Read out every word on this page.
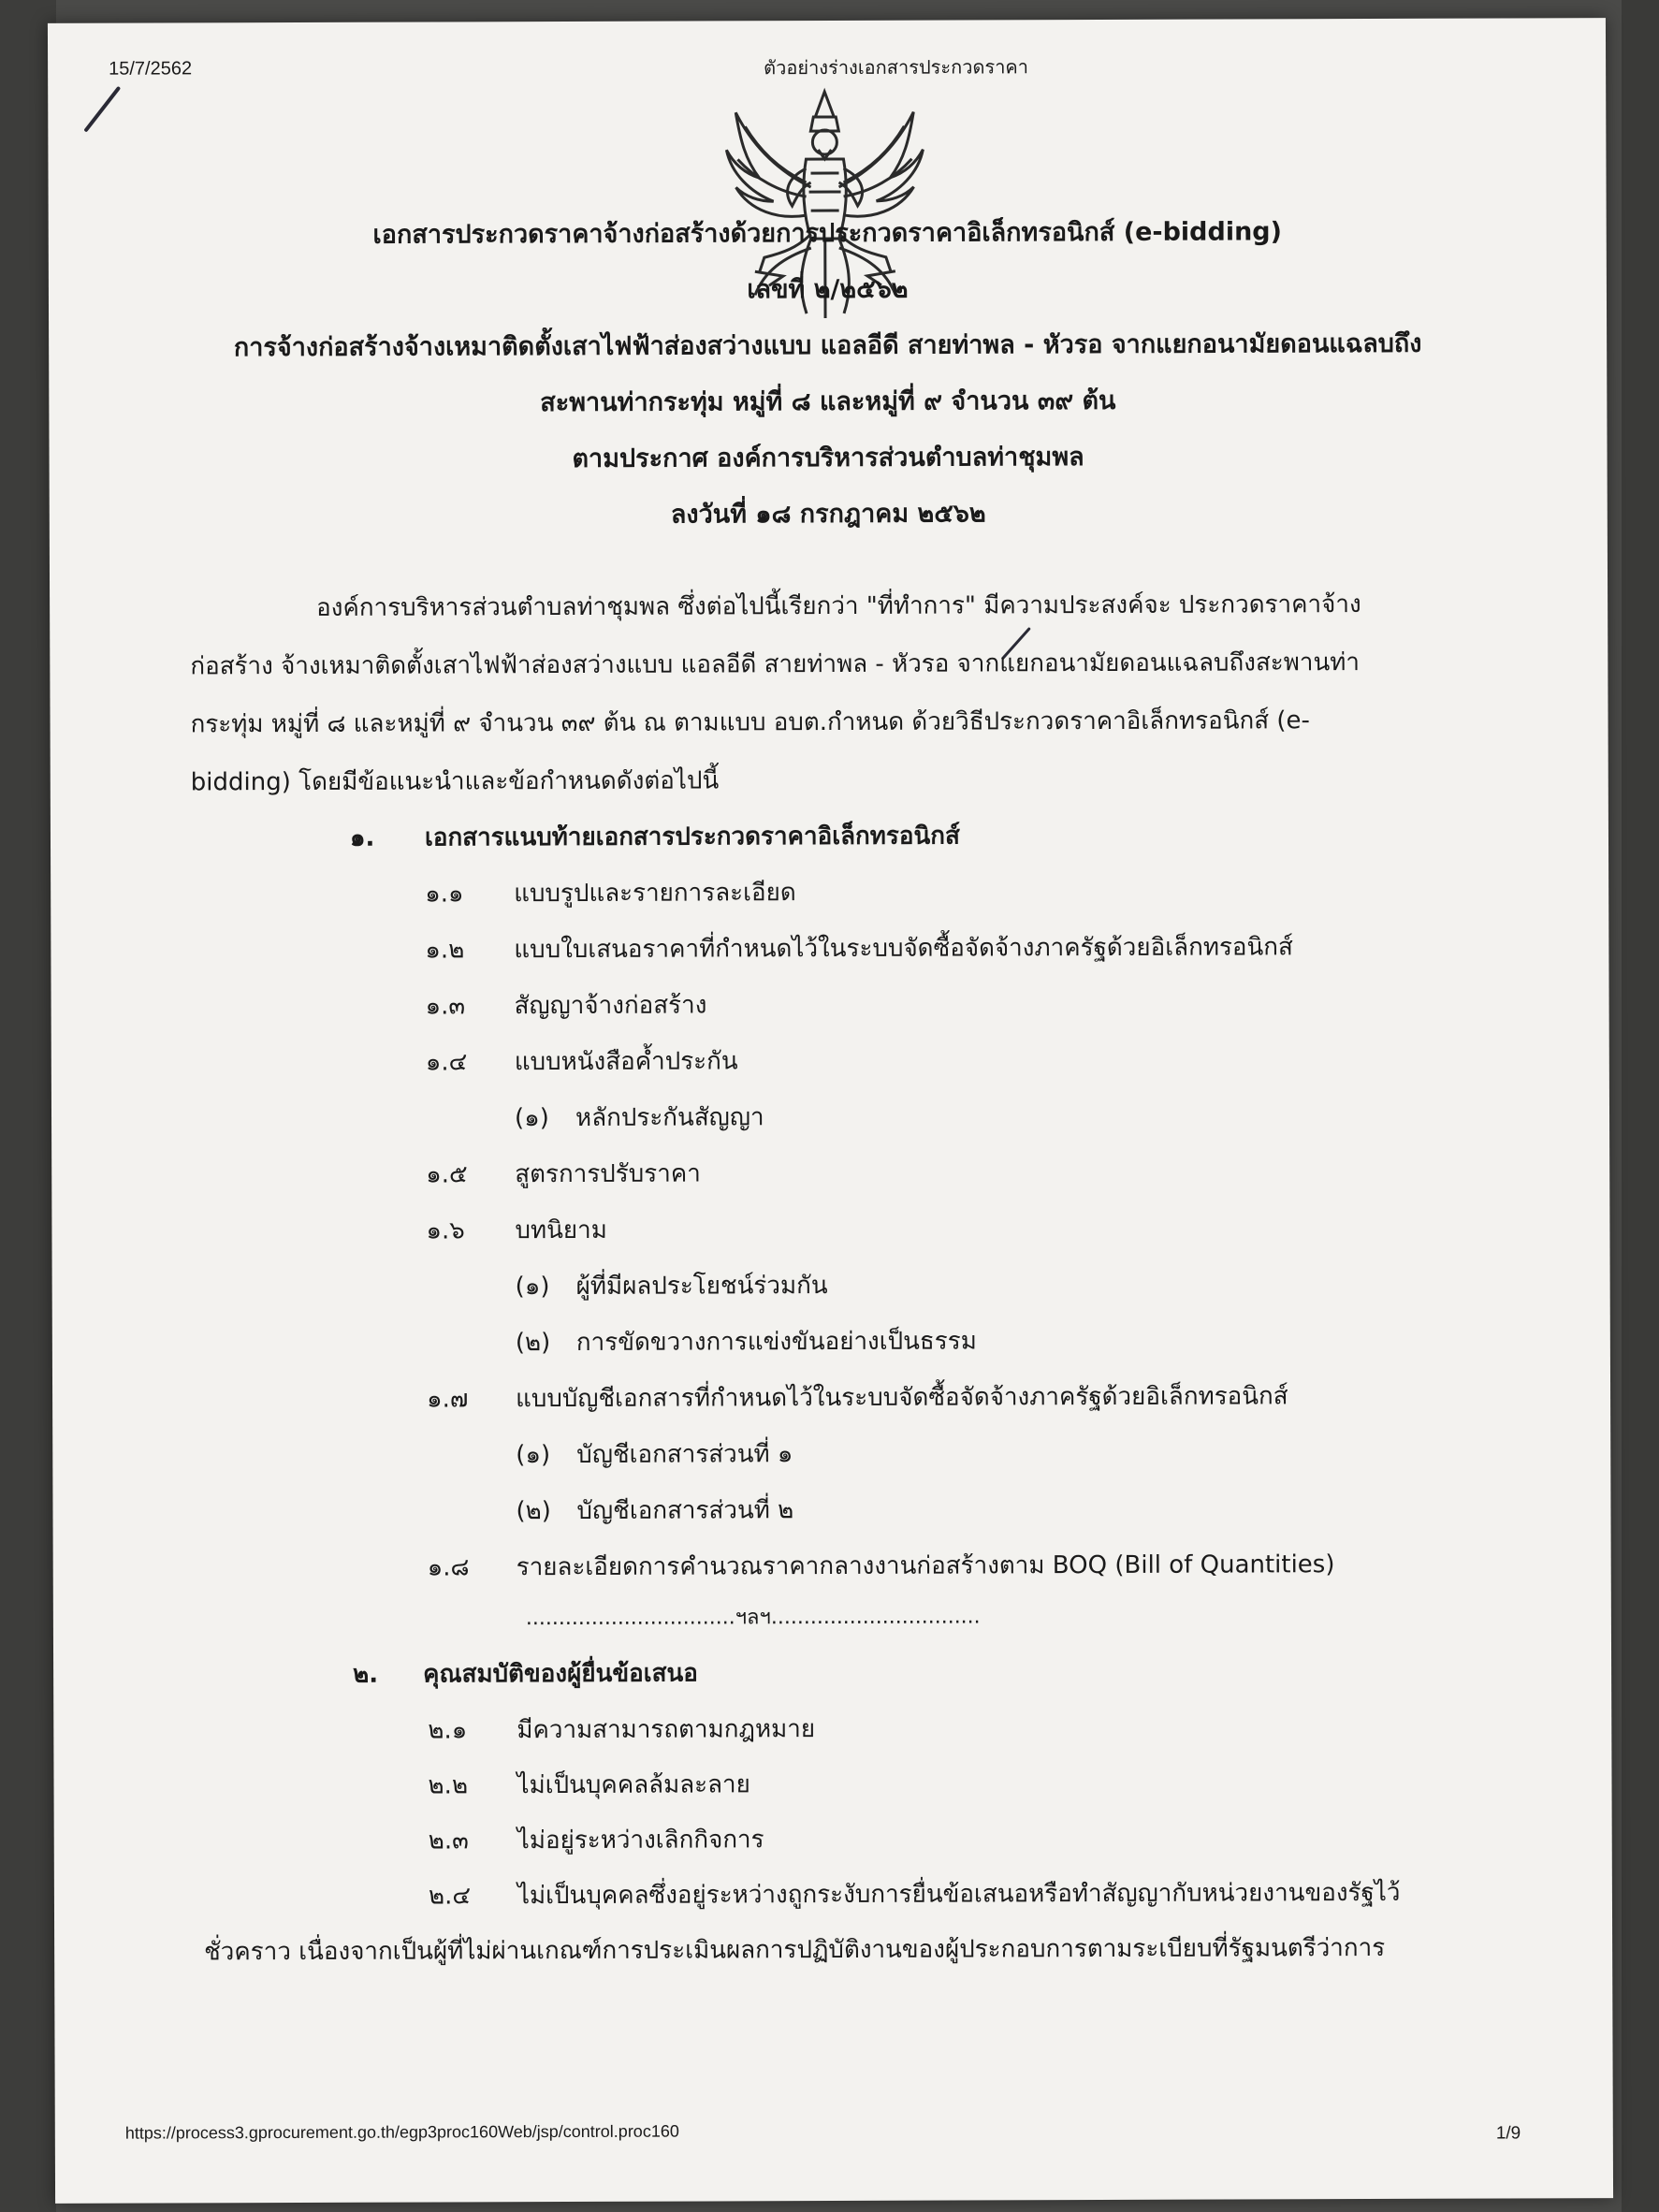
15/7/2562	ตัวอย่างร่างเอกสารประกวดราคา
เอกสารประกวดราคาจ้างก่อสร้างด้วยการประกวดราคาอิเล็กทรอนิกส์ (e-bidding)
เลขที่ ๒/๒๕๖๒
การจ้างก่อสร้างจ้างเหมาติดตั้งเสาไฟฟ้าส่องสว่างแบบ แอลอีดี สายท่าพล - หัวรอ จากแยกอนามัยดอนแฉลบถึง
สะพานท่ากระทุ่ม หมู่ที่ ๘ และหมู่ที่ ๙ จำนวน ๓๙ ต้น
ตามประกาศ องค์การบริหารส่วนตำบลท่าชุมพล
ลงวันที่ ๑๘ กรกฎาคม ๒๕๖๒
องค์การบริหารส่วนตำบลท่าชุมพล ซึ่งต่อไปนี้เรียกว่า "ที่ทำการ" มีความประสงค์จะ ประกวดราคาจ้าง
ก่อสร้าง จ้างเหมาติดตั้งเสาไฟฟ้าส่องสว่างแบบ แอลอีดี สายท่าพล - หัวรอ จากแยกอนามัยดอนแฉลบถึงสะพานท่า
กระทุ่ม หมู่ที่ ๘ และหมู่ที่ ๙ จำนวน ๓๙ ต้น ณ ตามแบบ อบต.กำหนด ด้วยวิธีประกวดราคาอิเล็กทรอนิกส์ (e-
bidding) โดยมีข้อแนะนำและข้อกำหนดดังต่อไปนี้
๑. เอกสารแนบท้ายเอกสารประกวดราคาอิเล็กทรอนิกส์
๑.๑ แบบรูปและรายการละเอียด
๑.๒ แบบใบเสนอราคาที่กำหนดไว้ในระบบจัดซื้อจัดจ้างภาครัฐด้วยอิเล็กทรอนิกส์
๑.๓ สัญญาจ้างก่อสร้าง
๑.๔ แบบหนังสือค้ำประกัน
(๑) หลักประกันสัญญา
๑.๕ สูตรการปรับราคา
๑.๖ บทนิยาม
(๑) ผู้ที่มีผลประโยชน์ร่วมกัน
(๒) การขัดขวางการแข่งขันอย่างเป็นธรรม
๑.๗ แบบบัญชีเอกสารที่กำหนดไว้ในระบบจัดซื้อจัดจ้างภาครัฐด้วยอิเล็กทรอนิกส์
(๑) บัญชีเอกสารส่วนที่ ๑
(๒) บัญชีเอกสารส่วนที่ ๒
๑.๘ รายละเอียดการคำนวณราคากลางงานก่อสร้างตาม BOQ (Bill of Quantities)
................................ฯลฯ................................
๒. คุณสมบัติของผู้ยื่นข้อเสนอ
๒.๑ มีความสามารถตามกฎหมาย
๒.๒ ไม่เป็นบุคคลล้มละลาย
๒.๓ ไม่อยู่ระหว่างเลิกกิจการ
๒.๔ ไม่เป็นบุคคลซึ่งอยู่ระหว่างถูกระงับการยื่นข้อเสนอหรือทำสัญญากับหน่วยงานของรัฐไว้
ชั่วคราว เนื่องจากเป็นผู้ที่ไม่ผ่านเกณฑ์การประเมินผลการปฏิบัติงานของผู้ประกอบการตามระเบียบที่รัฐมนตรีว่าการ
https://process3.gprocurement.go.th/egp3proc160Web/jsp/control.proc160	1/9
